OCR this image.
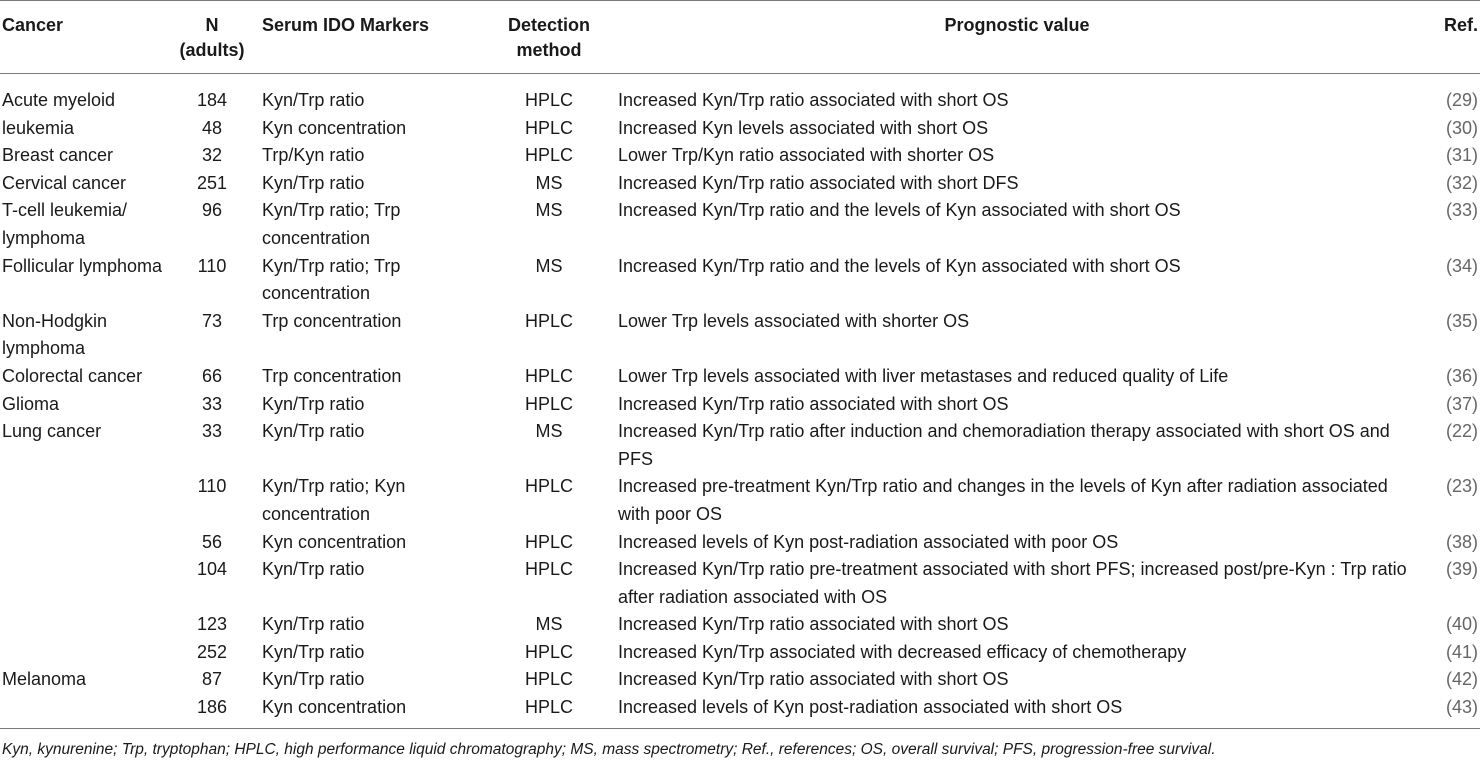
Cancer	N (adults)	Serum IDO Markers	Detection method	Prognostic value	Ref.
Acute myeloid	184	Kyn/Trp ratio	HPLC	Increased Kyn/Trp ratio associated with short OS	(29)
leukemia	48	Kyn concentration	HPLC	Increased Kyn levels associated with short OS	(30)
Breast cancer	32	Trp/Kyn ratio	HPLC	Lower Trp/Kyn ratio associated with shorter OS	(31)
Cervical cancer	251	Kyn/Trp ratio	MS	Increased Kyn/Trp ratio associated with short DFS	(32)
T-cell leukemia/ lymphoma	96	Kyn/Trp ratio; Trp concentration	MS	Increased Kyn/Trp ratio and the levels of Kyn associated with short OS	(33)
Follicular lymphoma	110	Kyn/Trp ratio; Trp concentration	MS	Increased Kyn/Trp ratio and the levels of Kyn associated with short OS	(34)
Non-Hodgkin lymphoma	73	Trp concentration	HPLC	Lower Trp levels associated with shorter OS	(35)
Colorectal cancer	66	Trp concentration	HPLC	Lower Trp levels associated with liver metastases and reduced quality of Life	(36)
Glioma	33	Kyn/Trp ratio	HPLC	Increased Kyn/Trp ratio associated with short OS	(37)
Lung cancer	33	Kyn/Trp ratio	MS	Increased Kyn/Trp ratio after induction and chemoradiation therapy associated with short OS and PFS	(22)
	110	Kyn/Trp ratio; Kyn concentration	HPLC	Increased pre-treatment Kyn/Trp ratio and changes in the levels of Kyn after radiation associated with poor OS	(23)
	56	Kyn concentration	HPLC	Increased levels of Kyn post-radiation associated with poor OS	(38)
	104	Kyn/Trp ratio	HPLC	Increased Kyn/Trp ratio pre-treatment associated with short PFS; increased post/pre-Kyn : Trp ratio after radiation associated with OS	(39)
	123	Kyn/Trp ratio	MS	Increased Kyn/Trp ratio associated with short OS	(40)
	252	Kyn/Trp ratio	HPLC	Increased Kyn/Trp associated with decreased efficacy of chemotherapy	(41)
Melanoma	87	Kyn/Trp ratio	HPLC	Increased Kyn/Trp ratio associated with short OS	(42)
	186	Kyn concentration	HPLC	Increased levels of Kyn post-radiation associated with short OS	(43)
Kyn, kynurenine; Trp, tryptophan; HPLC, high performance liquid chromatography; MS, mass spectrometry; Ref., references; OS, overall survival; PFS, progression-free survival.
